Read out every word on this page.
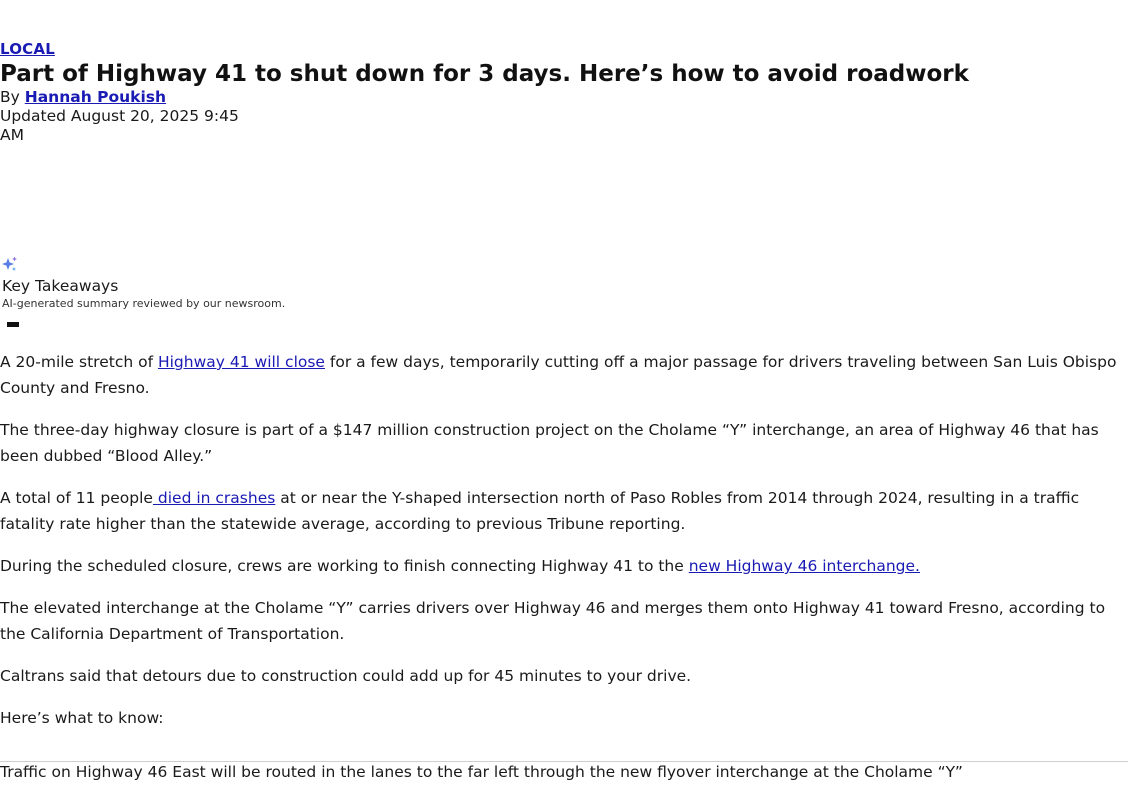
LOCAL
Part of Highway 41 to shut down for 3 days. Here’s how to avoid roadwork
By Hannah Poukish
Updated August 20, 2025 9:45 AM
Key Takeaways
AI-generated summary reviewed by our newsroom.

A 20-mile stretch of Highway 41 will close for a few days, temporarily cutting off a major passage for drivers traveling between San Luis Obispo County and Fresno.

The three-day highway closure is part of a $147 million construction project on the Cholame “Y” interchange, an area of Highway 46 that has been dubbed “Blood Alley.”

A total of 11 people died in crashes at or near the Y-shaped intersection north of Paso Robles from 2014 through 2024, resulting in a traffic fatality rate higher than the statewide average, according to previous Tribune reporting.

During the scheduled closure, crews are working to finish connecting Highway 41 to the new Highway 46 interchange.

The elevated interchange at the Cholame “Y” carries drivers over Highway 46 and merges them onto Highway 41 toward Fresno, according to the California Department of Transportation.

Caltrans said that detours due to construction could add up for 45 minutes to your drive.

Here’s what to know:

Traffic on Highway 46 East will be routed in the lanes to the far left through the new flyover interchange at the Cholame “Y”
